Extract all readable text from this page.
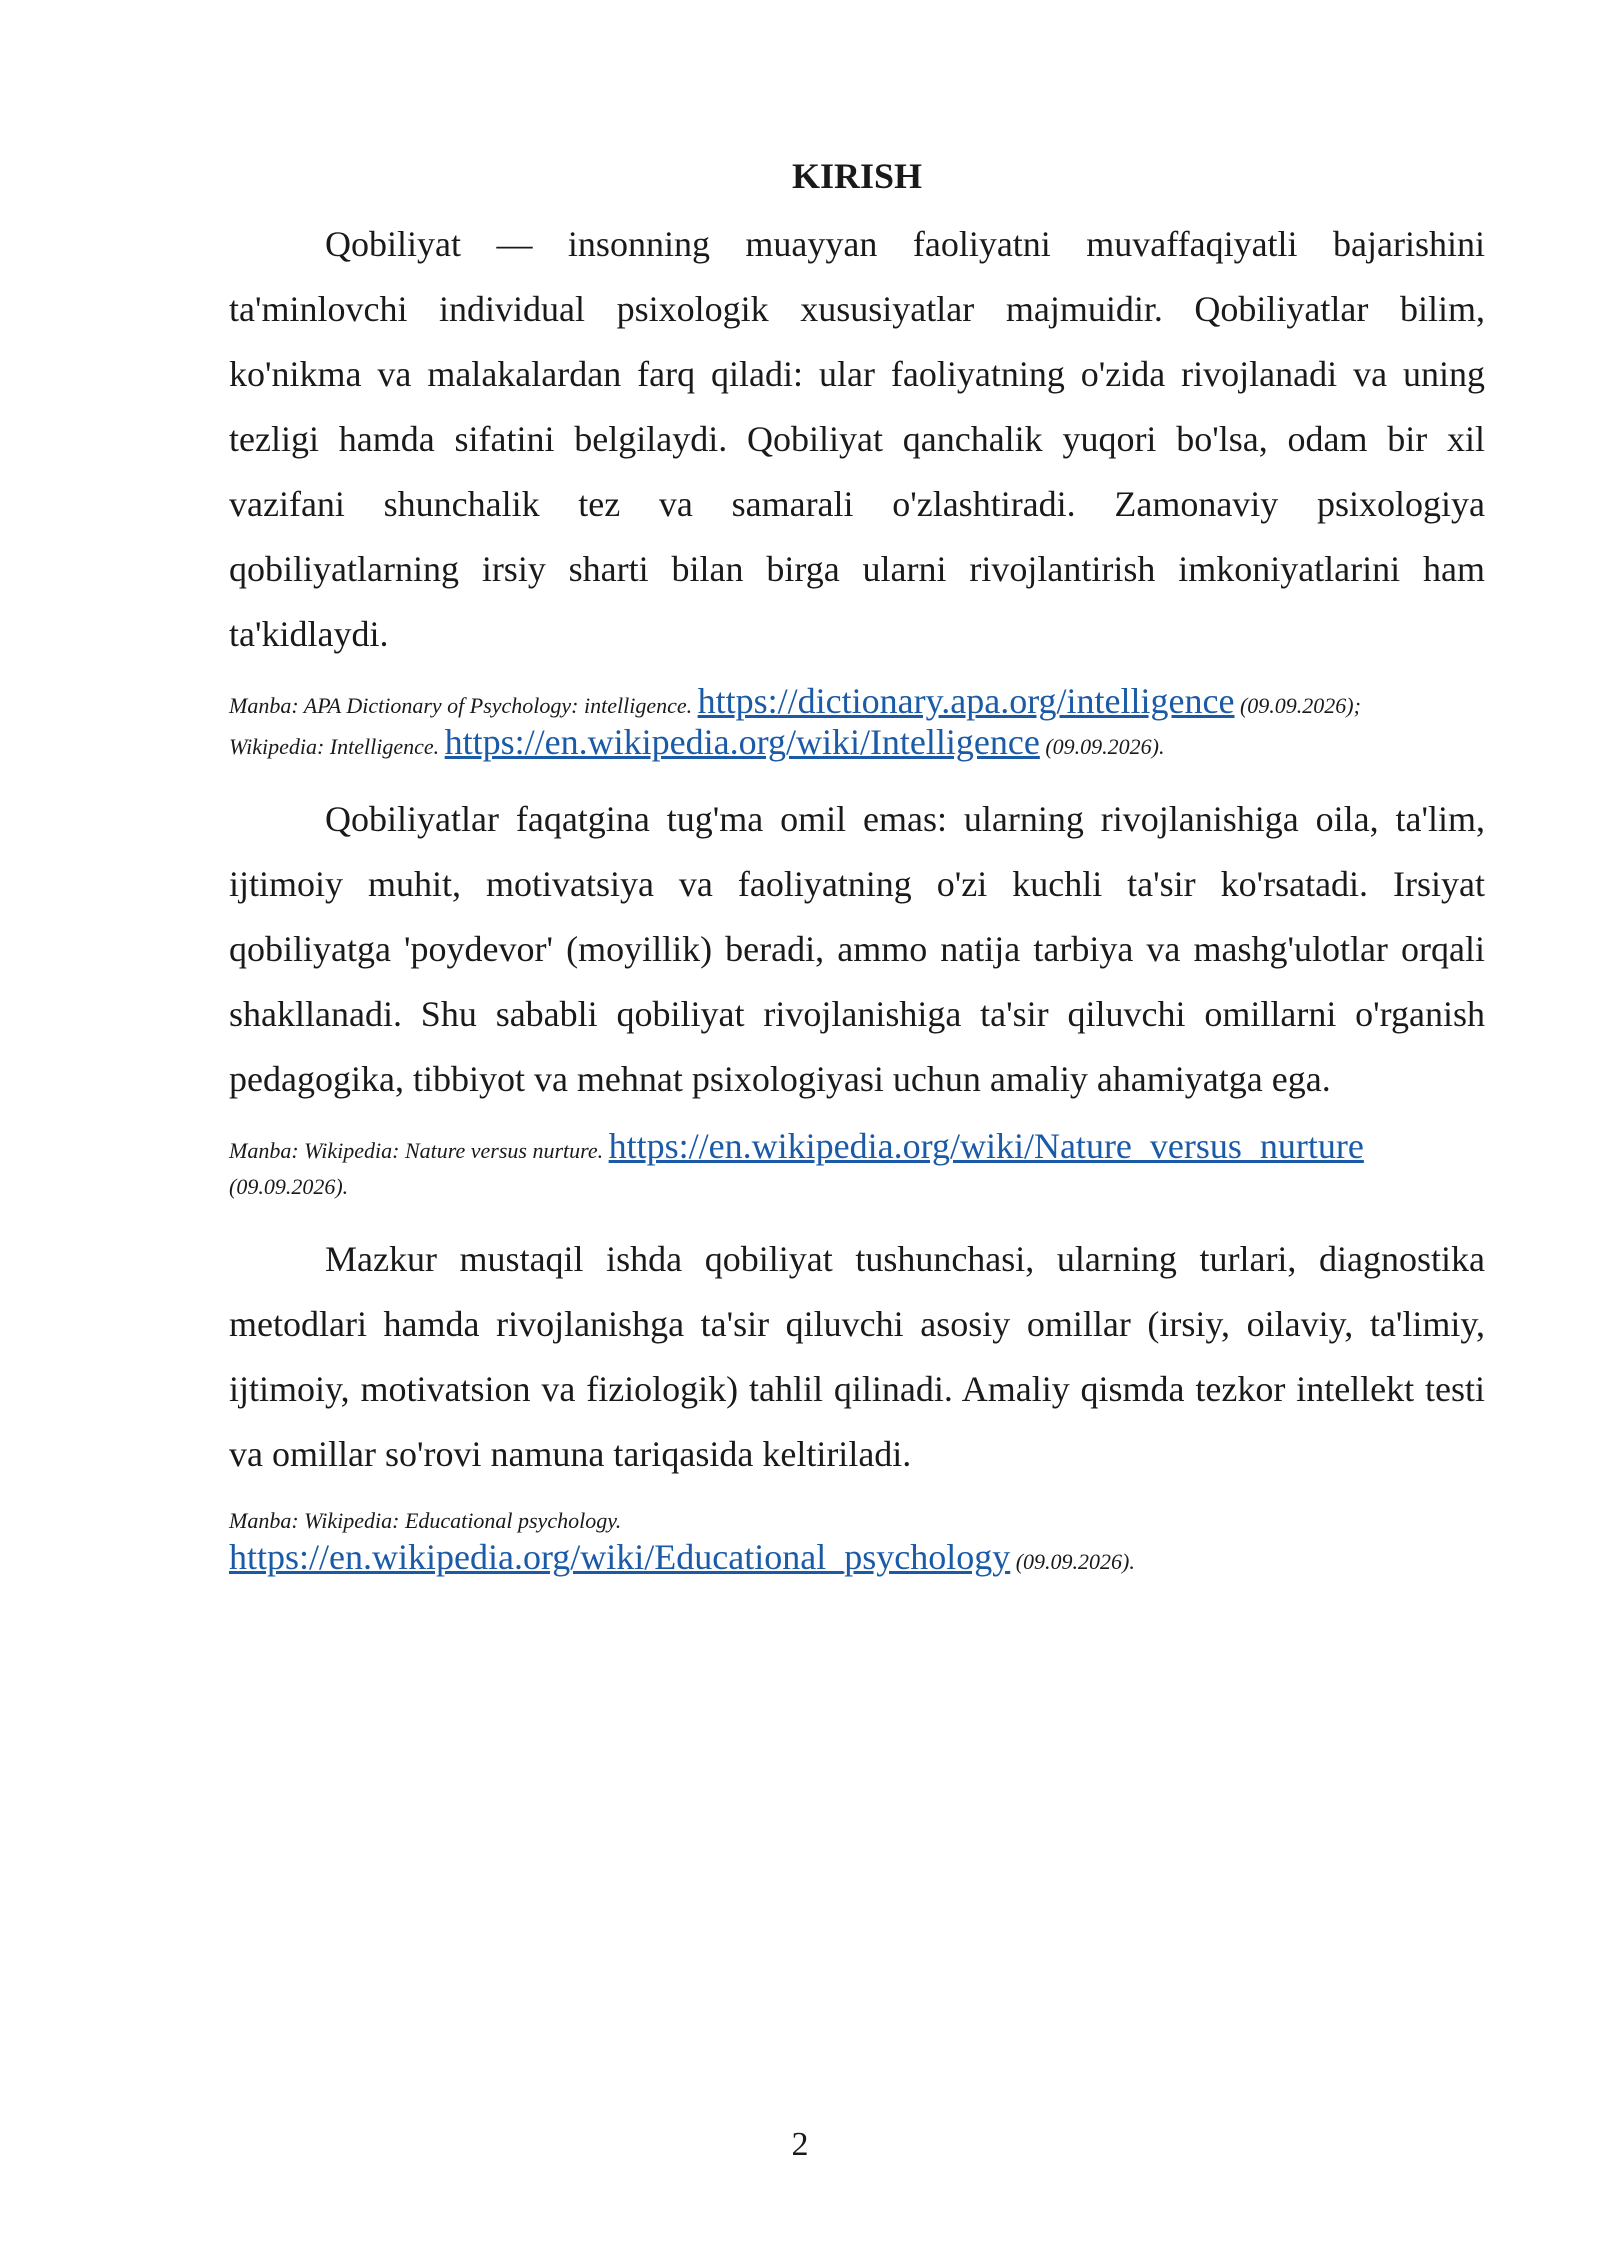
KIRISH

Qobiliyat — insonning muayyan faoliyatni muvaffaqiyatli bajarishini ta'minlovchi individual psixologik xususiyatlar majmuidir. Qobiliyatlar bilim, ko'nikma va malakalardan farq qiladi: ular faoliyatning o'zida rivojlanadi va uning tezligi hamda sifatini belgilaydi. Qobiliyat qanchalik yuqori bo'lsa, odam bir xil vazifani shunchalik tez va samarali o'zlashtiradi. Zamonaviy psixologiya qobiliyatlarning irsiy sharti bilan birga ularni rivojlantirish imkoniyatlarini ham ta'kidlaydi.

Manba: APA Dictionary of Psychology: intelligence. https://dictionary.apa.org/intelligence (09.09.2026);
Wikipedia: Intelligence. https://en.wikipedia.org/wiki/Intelligence (09.09.2026).

Qobiliyatlar faqatgina tug'ma omil emas: ularning rivojlanishiga oila, ta'lim, ijtimoiy muhit, motivatsiya va faoliyatning o'zi kuchli ta'sir ko'rsatadi. Irsiyat qobiliyatga 'poydevor' (moyillik) beradi, ammo natija tarbiya va mashg'ulotlar orqali shakllanadi. Shu sababli qobiliyat rivojlanishiga ta'sir qiluvchi omillarni o'rganish pedagogika, tibbiyot va mehnat psixologiyasi uchun amaliy ahamiyatga ega.

Manba: Wikipedia: Nature versus nurture. https://en.wikipedia.org/wiki/Nature_versus_nurture
(09.09.2026).

Mazkur mustaqil ishda qobiliyat tushunchasi, ularning turlari, diagnostika metodlari hamda rivojlanishga ta'sir qiluvchi asosiy omillar (irsiy, oilaviy, ta'limiy, ijtimoiy, motivatsion va fiziologik) tahlil qilinadi. Amaliy qismda tezkor intellekt testi va omillar so'rovi namuna tariqasida keltiriladi.

Manba: Wikipedia: Educational psychology.
https://en.wikipedia.org/wiki/Educational_psychology (09.09.2026).
2
